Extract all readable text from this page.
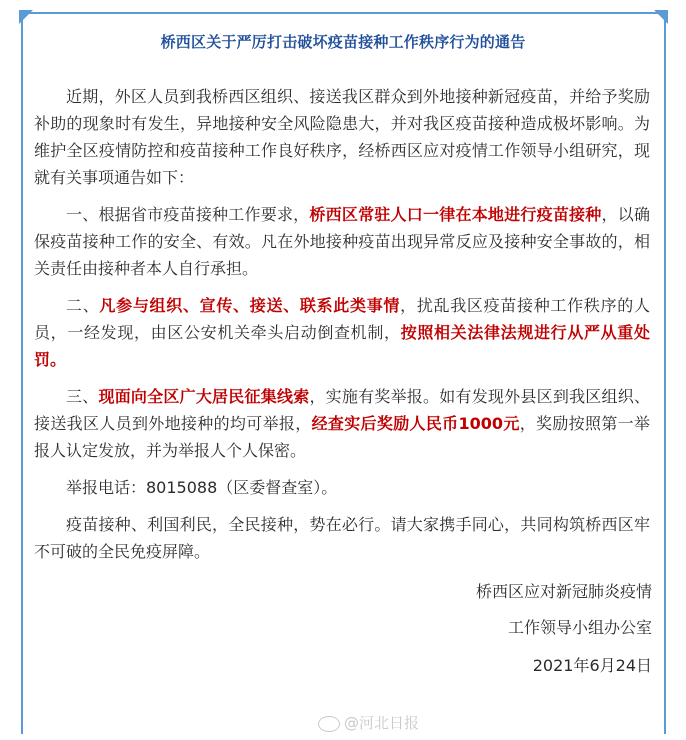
桥西区关于严厉打击破坏疫苗接种工作秩序行为的通告

近期，外区人员到我桥西区组织、接送我区群众到外地接种新冠疫苗，并给予奖励补助的现象时有发生，异地接种安全风险隐患大，并对我区疫苗接种造成极坏影响。为维护全区疫情防控和疫苗接种工作良好秩序，经桥西区应对疫情工作领导小组研究，现就有关事项通告如下：

一、根据省市疫苗接种工作要求，桥西区常驻人口一律在本地进行疫苗接种，以确保疫苗接种工作的安全、有效。凡在外地接种疫苗出现异常反应及接种安全事故的，相关责任由接种者本人自行承担。

二、凡参与组织、宣传、接送、联系此类事情，扰乱我区疫苗接种工作秩序的人员，一经发现，由区公安机关牵头启动倒查机制，按照相关法律法规进行从严从重处罚。

三、现面向全区广大居民征集线索，实施有奖举报。如有发现外县区到我区组织、接送我区人员到外地接种的均可举报，经查实后奖励人民币1000元，奖励按照第一举报人认定发放，并为举报人个人保密。

举报电话：8015088（区委督查室）。

疫苗接种、利国利民，全民接种，势在必行。请大家携手同心，共同构筑桥西区牢不可破的全民免疫屏障。

桥西区应对新冠肺炎疫情
工作领导小组办公室
2021年6月24日
@河北日报
